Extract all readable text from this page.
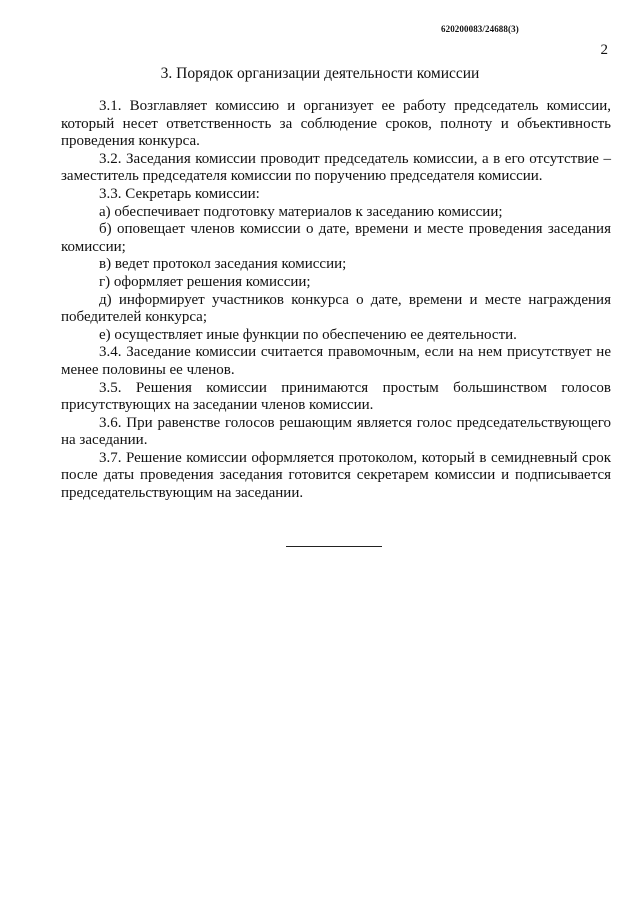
620200083/24688(3)
2
3. Порядок организации деятельности комиссии

3.1. Возглавляет комиссию и организует ее работу председатель комиссии, который несет ответственность за соблюдение сроков, полноту и объективность проведения конкурса.

3.2. Заседания комиссии проводит председатель комиссии, а в его отсутствие – заместитель председателя комиссии по поручению председателя комиссии.

3.3. Секретарь комиссии:

а) обеспечивает подготовку материалов к заседанию комиссии;

б) оповещает членов комиссии о дате, времени и месте проведения заседания комиссии;

в) ведет протокол заседания комиссии;

г) оформляет решения комиссии;

д) информирует участников конкурса о дате, времени и месте награждения победителей конкурса;

е) осуществляет иные функции по обеспечению ее деятельности.

3.4. Заседание комиссии считается правомочным, если на нем присутствует не менее половины ее членов.

3.5. Решения комиссии принимаются простым большинством голосов присутствующих на заседании членов комиссии.

3.6. При равенстве голосов решающим является голос председательствующего на заседании.

3.7. Решение комиссии оформляется протоколом, который в семидневный срок после даты проведения заседания готовится секретарем комиссии и подписывается председательствующим на заседании.
